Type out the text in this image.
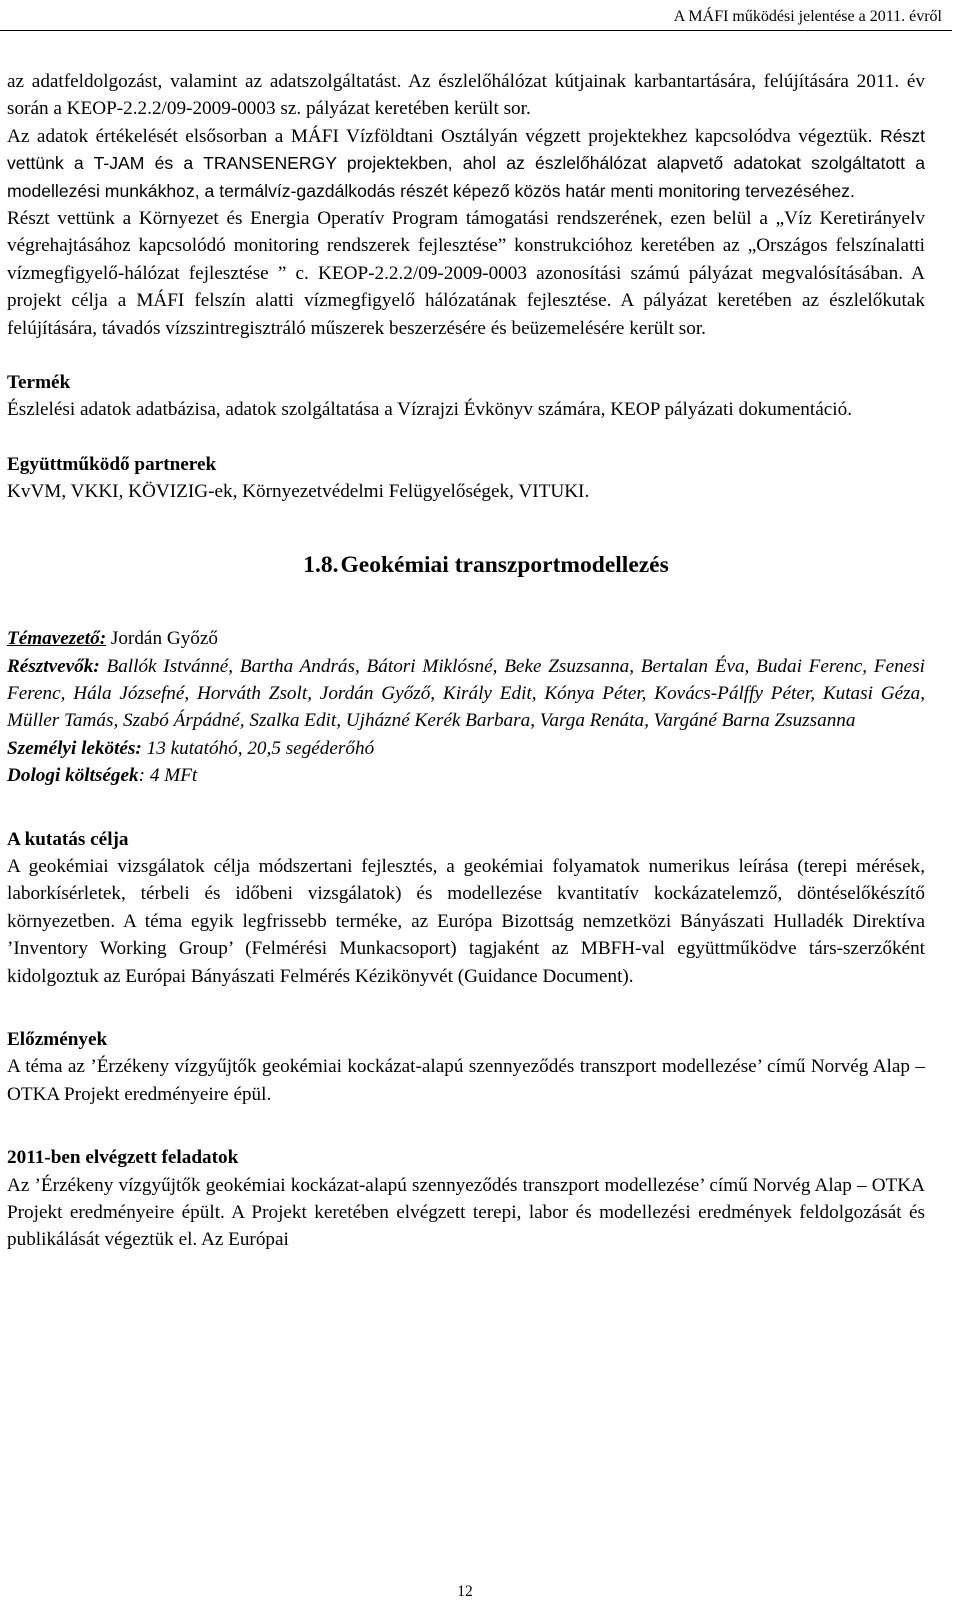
A MÁFI működési jelentése a 2011. évről

az adatfeldolgozást, valamint az adatszolgáltatást. Az észlelőhálózat kútjainak karbantartására, felújítására 2011. év során a KEOP-2.2.2/09-2009-0003 sz. pályázat keretében került sor.

Az adatok értékelését elsősorban a MÁFI Vízföldtani Osztályán végzett projektekhez kapcsolódva végeztük. Részt vettünk a T-JAM és a TRANSENERGY projektekben, ahol az észlelőhálózat alapvető adatokat szolgáltatott a modellezési munkákhoz, a termálvíz-gazdálkodás részét képező közös határ menti monitoring tervezéséhez.

Részt vettünk a Környezet és Energia Operatív Program támogatási rendszerének, ezen belül a „Víz Keretirányelv végrehajtásához kapcsolódó monitoring rendszerek fejlesztése” konstrukcióhoz keretében az „Országos felszínalatti vízmegfigyelő-hálózat fejlesztése ” c. KEOP-2.2.2/09-2009-0003 azonosítási számú pályázat megvalósításában. A projekt célja a MÁFI felszín alatti vízmegfigyelő hálózatának fejlesztése. A pályázat keretében az észlelőkutak felújítására, távadós vízszintregisztráló műszerek beszerzésére és beüzemelésére került sor.

Termék

Észlelési adatok adatbázisa, adatok szolgáltatása a Vízrajzi Évkönyv számára, KEOP pályázati dokumentáció.

Együttműködő partnerek

KvVM, VKKI, KÖVIZIG-ek, Környezetvédelmi Felügyelőségek, VITUKI.

1.8.Geokémiai transzportmodellezés

Témavezető: Jordán Győző

Résztvevők: Ballók Istvánné, Bartha András, Bátori Miklósné, Beke Zsuzsanna, Bertalan Éva, Budai Ferenc, Fenesi Ferenc, Hála Józsefné, Horváth Zsolt, Jordán Győző, Király Edit, Kónya Péter, Kovács-Pálffy Péter, Kutasi Géza, Müller Tamás, Szabó Árpádné, Szalka Edit, Ujházné Kerék Barbara, Varga Renáta, Vargáné Barna Zsuzsanna

Személyi lekötés: 13 kutatóhó, 20,5 segéderőhó

Dologi költségek: 4 MFt

A kutatás célja

A geokémiai vizsgálatok célja módszertani fejlesztés, a geokémiai folyamatok numerikus leírása (terepi mérések, laborkísérletek, térbeli és időbeni vizsgálatok) és modellezése kvantitatív kockázatelemző, döntéselőkészítő környezetben. A téma egyik legfrissebb terméke, az Európa Bizottság nemzetközi Bányászati Hulladék Direktíva ’Inventory Working Group’ (Felmérési Munkacsoport) tagjaként az MBFH-val együttműködve társ-szerzőként kidolgoztuk az Európai Bányászati Felmérés Kézikönyvét (Guidance Document).

Előzmények

A téma az ’Érzékeny vízgyűjtők geokémiai kockázat-alapú szennyeződés transzport modellezése’ című Norvég Alap – OTKA Projekt eredményeire épül.

2011-ben elvégzett feladatok

Az ’Érzékeny vízgyűjtők geokémiai kockázat-alapú szennyeződés transzport modellezése’ című Norvég Alap – OTKA Projekt eredményeire épült. A Projekt keretében elvégzett terepi, labor és modellezési eredmények feldolgozását és publikálását végeztük el. Az Európai

12
